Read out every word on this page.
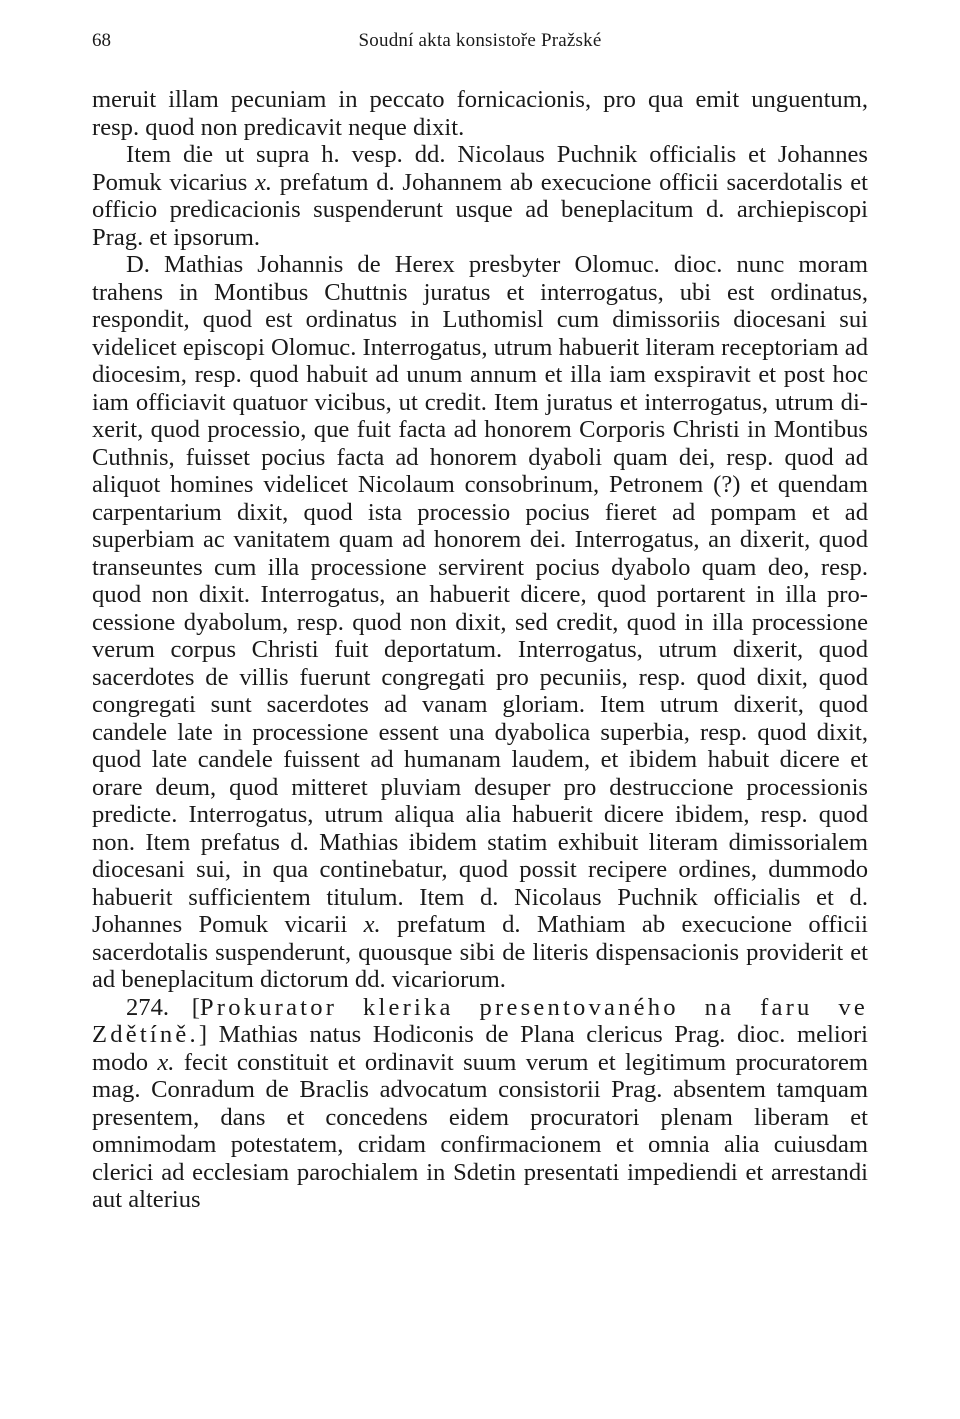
68	Soudní akta konsistoře Pražské

meruit illam pecuniam in peccato fornicacionis, pro qua emit unguentum, resp. quod non predicavit neque dixit.

Item die ut supra h. vesp. dd. Nicolaus Puchnik officialis et Johannes Pomuk vicarius x. prefatum d. Johannem ab execucione officii sacerdotalis et officio predicacionis suspenderunt usque ad beneplacitum d. archiepiscopi Prag. et ipsorum.

D. Mathias Johannis de Herex presbyter Olomuc. dioc. nunc moram trahens in Montibus Chuttnis juratus et interrogatus, ubi est ordinatus, respondit, quod est ordinatus in Luthomisl cum dimissoriis diocesani sui videlicet episcopi Olomuc. Interrogatus, utrum habuerit literam receptoriam ad diocesim, resp. quod habuit ad unum annum et illa iam exspiravit et post hoc iam officiavit quatuor vicibus, ut credit. Item juratus et interrogatus, utrum dixerit, quod processio, que fuit facta ad honorem Corporis Christi in Montibus Cuthnis, fuisset pocius facta ad honorem dyaboli quam dei, resp. quod ad aliquot homines videlicet Nicolaum consobrinum, Petronem (?) et quendam carpentarium dixit, quod ista processio pocius fieret ad pompam et ad superbiam ac vanitatem quam ad honorem dei. Interrogatus, an dixerit, quod transeuntes cum illa processione servirent pocius dyabolo quam deo, resp. quod non dixit. Interrogatus, an habuerit dicere, quod portarent in illa processione dyabolum, resp. quod non dixit, sed credit, quod in illa processione verum corpus Christi fuit deportatum. Interrogatus, utrum dixerit, quod sacerdotes de villis fuerunt congregati pro pecuniis, resp. quod dixit, quod congregati sunt sacerdotes ad vanam gloriam. Item utrum dixerit, quod candele late in processione essent una dyabolica superbia, resp. quod dixit, quod late candele fuissent ad humanam laudem, et ibidem habuit dicere et orare deum, quod mitteret pluviam desuper pro destruccione processionis predicte. Interrogatus, utrum aliqua alia habuerit dicere ibidem, resp. quod non. Item prefatus d. Mathias ibidem statim exhibuit literam dimissorialem diocesani sui, in qua continebatur, quod possit recipere ordines, dummodo habuerit sufficientem titulum. Item d. Nicolaus Puchnik officialis et d. Johannes Pomuk vicarii x. prefatum d. Mathiam ab execucione officii sacerdotalis suspenderunt, quousque sibi de literis dispensacionis providerit et ad beneplacitum dictorum dd. vicariorum.

274. [Prokurator klerika presentovaného na faru ve Zdětíně.] Mathias natus Hodiconis de Plana clericus Prag. dioc. meliori modo x. fecit constituit et ordinavit suum verum et legitimum procuratorem mag. Conradum de Braclis advocatum consistorii Prag. absentem tamquam presentem, dans et concedens eidem procuratori plenam liberam et omnimodam potestatem, cridam confirmacionem et omnia alia cuiusdam clerici ad ecclesiam parochialem in Sdetin presentati impediendi et arrestandi aut alterius
